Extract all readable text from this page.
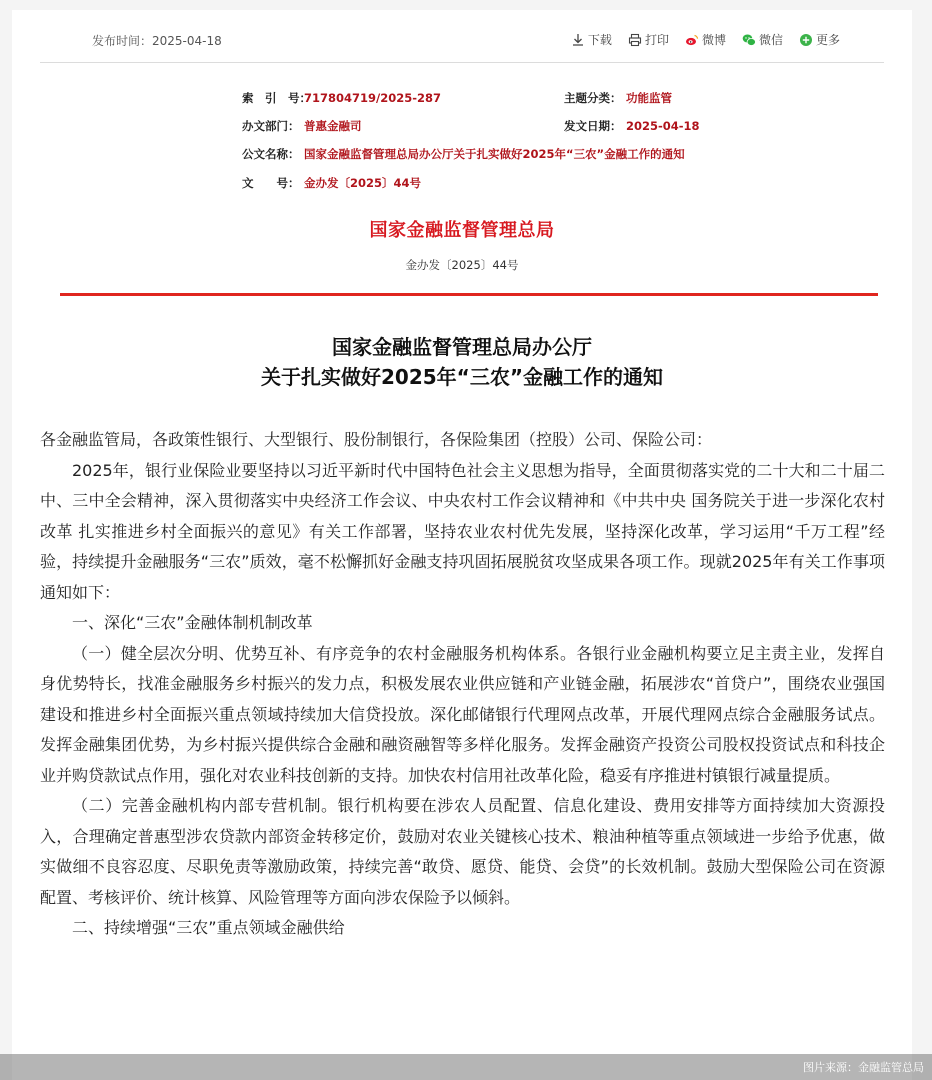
发布时间：2025-04-18	下载	打印	微博	微信	更多
索　引　号：717804719/2025-287	主题分类： 功能监管
办文部门： 普惠金融司	发文日期： 2025-04-18
公文名称： 国家金融监督管理总局办公厅关于扎实做好2025年“三农”金融工作的通知
文　　号： 金办发〔2025〕44号
国家金融监督管理总局
金办发〔2025〕44号
国家金融监督管理总局办公厅
关于扎实做好2025年“三农”金融工作的通知

各金融监管局，各政策性银行、大型银行、股份制银行，各保险集团（控股）公司、保险公司：

2025年，银行业保险业要坚持以习近平新时代中国特色社会主义思想为指导，全面贯彻落实党的二十大和二十届二中、三中全会精神，深入贯彻落实中央经济工作会议、中央农村工作会议精神和《中共中央 国务院关于进一步深化农村改革 扎实推进乡村全面振兴的意见》有关工作部署，坚持农业农村优先发展，坚持深化改革，学习运用“千万工程”经验，持续提升金融服务“三农”质效，毫不松懈抓好金融支持巩固拓展脱贫攻坚成果各项工作。现就2025年有关工作事项通知如下：

一、深化“三农”金融体制机制改革

（一）健全层次分明、优势互补、有序竞争的农村金融服务机构体系。各银行业金融机构要立足主责主业，发挥自身优势特长，找准金融服务乡村振兴的发力点，积极发展农业供应链和产业链金融，拓展涉农“首贷户”，围绕农业强国建设和推进乡村全面振兴重点领域持续加大信贷投放。深化邮储银行代理网点改革，开展代理网点综合金融服务试点。发挥金融集团优势，为乡村振兴提供综合金融和融资融智等多样化服务。发挥金融资产投资公司股权投资试点和科技企业并购贷款试点作用，强化对农业科技创新的支持。加快农村信用社改革化险，稳妥有序推进村镇银行减量提质。

（二）完善金融机构内部专营机制。银行机构要在涉农人员配置、信息化建设、费用安排等方面持续加大资源投入，合理确定普惠型涉农贷款内部资金转移定价，鼓励对农业关键核心技术、粮油种植等重点领域进一步给予优惠，做实做细不良容忍度、尽职免责等激励政策，持续完善“敢贷、愿贷、能贷、会贷”的长效机制。鼓励大型保险公司在资源配置、考核评价、统计核算、风险管理等方面向涉农保险予以倾斜。

二、持续增强“三农”重点领域金融供给

图片来源：金融监管总局
